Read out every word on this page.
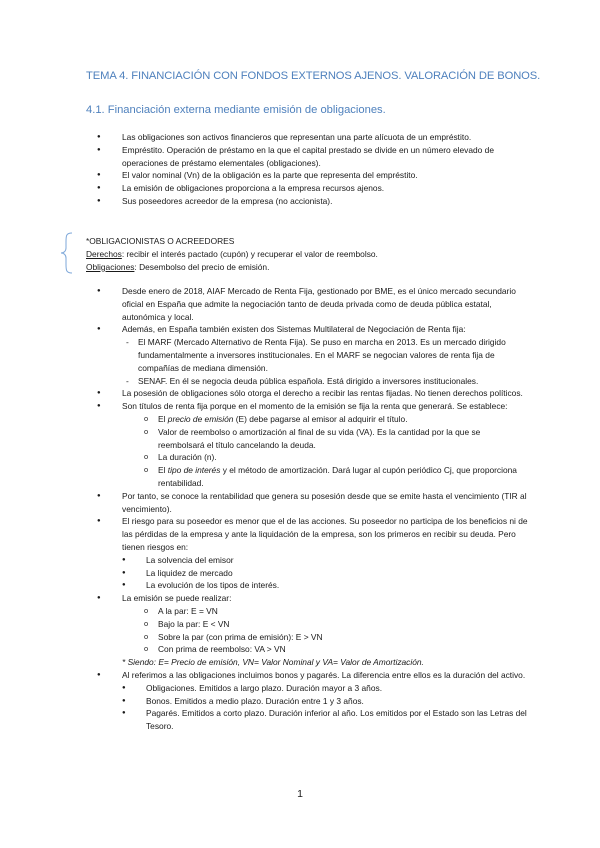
TEMA 4. FINANCIACIÓN CON FONDOS EXTERNOS AJENOS. VALORACIÓN DE BONOS.
4.1. Financiación externa mediante emisión de obligaciones.
● Las obligaciones son activos financieros que representan una parte alícuota de un empréstito.
● Empréstito. Operación de préstamo en la que el capital prestado se divide en un número elevado de operaciones de préstamo elementales (obligaciones).
● El valor nominal (Vn) de la obligación es la parte que representa del empréstito.
● La emisión de obligaciones proporciona a la empresa recursos ajenos.
● Sus poseedores acreedor de la empresa (no accionista).
*OBLIGACIONISTAS O ACREEDORES
Derechos: recibir el interés pactado (cupón) y recuperar el valor de reembolso.
Obligaciones: Desembolso del precio de emisión.
● Desde enero de 2018, AIAF Mercado de Renta Fija, gestionado por BME, es el único mercado secundario oficial en España que admite la negociación tanto de deuda privada como de deuda pública estatal, autonómica y local.
● Además, en España también existen dos Sistemas Multilateral de Negociación de Renta fija:
- El MARF (Mercado Alternativo de Renta Fija). Se puso en marcha en 2013. Es un mercado dirigido fundamentalmente a inversores institucionales. En el MARF se negocian valores de renta fija de compañías de mediana dimensión.
- SENAF. En él se negocia deuda pública española. Está dirigido a inversores institucionales.
● La posesión de obligaciones sólo otorga el derecho a recibir las rentas fijadas. No tienen derechos políticos.
● Son títulos de renta fija porque en el momento de la emisión se fija la renta que generará. Se establece:
o El precio de emisión (E) debe pagarse al emisor al adquirir el título.
o Valor de reembolso o amortización al final de su vida (VA). Es la cantidad por la que se reembolsará el título cancelando la deuda.
o La duración (n).
o El tipo de interés y el método de amortización. Dará lugar al cupón periódico Cj, que proporciona rentabilidad.
● Por tanto, se conoce la rentabilidad que genera su posesión desde que se emite hasta el vencimiento (TIR al vencimiento).
● El riesgo para su poseedor es menor que el de las acciones. Su poseedor no participa de los beneficios ni de las pérdidas de la empresa y ante la liquidación de la empresa, son los primeros en recibir su deuda. Pero tienen riesgos en:
● La solvencia del emisor
● La liquidez de mercado
● La evolución de los tipos de interés.
● La emisión se puede realizar:
o A la par: E = VN
o Bajo la par: E < VN
o Sobre la par (con prima de emisión): E > VN
o Con prima de reembolso: VA > VN
* Siendo: E= Precio de emisión, VN= Valor Nominal y VA= Valor de Amortización.
● Al referimos a las obligaciones incluimos bonos y pagarés. La diferencia entre ellos es la duración del activo.
● Obligaciones. Emitidos a largo plazo. Duración mayor a 3 años.
● Bonos. Emitidos a medio plazo. Duración entre 1 y 3 años.
● Pagarés. Emitidos a corto plazo. Duración inferior al año. Los emitidos por el Estado son las Letras del Tesoro.
1
